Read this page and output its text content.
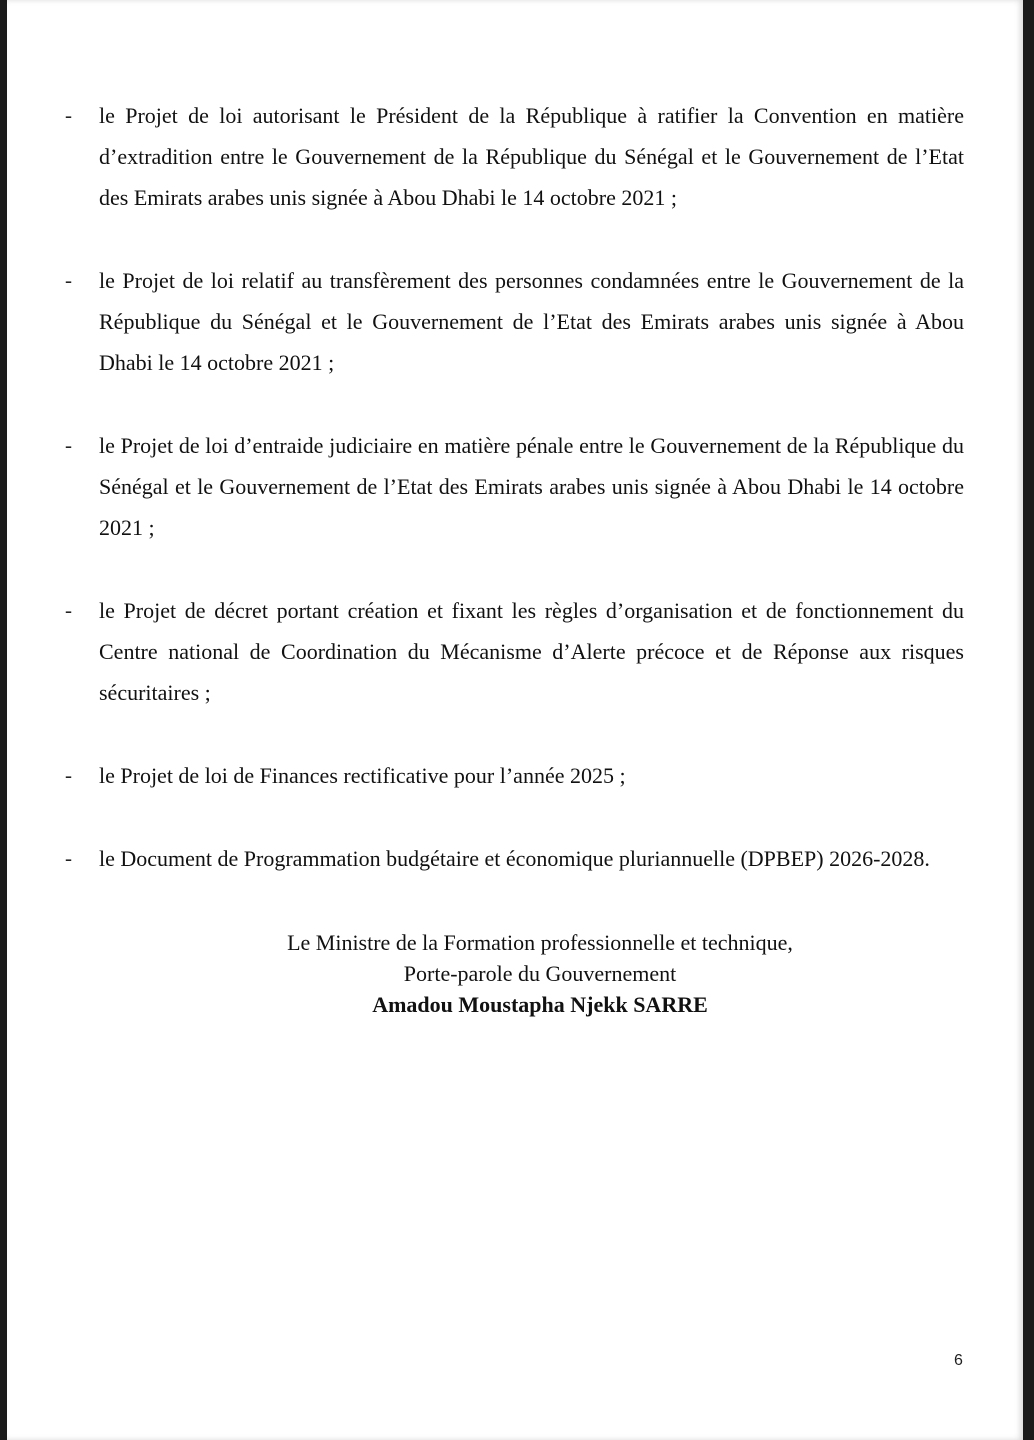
- le Projet de loi autorisant le Président de la République à ratifier la Convention en matière d’extradition entre le Gouvernement de la République du Sénégal et le Gouvernement de l’Etat des Emirats arabes unis signée à Abou Dhabi le 14 octobre 2021 ;
- le Projet de loi relatif au transfèrement des personnes condamnées entre le Gouvernement de la République du Sénégal et le Gouvernement de l’Etat des Emirats arabes unis signée à Abou Dhabi le 14 octobre 2021 ;
- le Projet de loi d’entraide judiciaire en matière pénale entre le Gouvernement de la République du Sénégal et le Gouvernement de l’Etat des Emirats arabes unis signée à Abou Dhabi le 14 octobre 2021 ;
- le Projet de décret portant création et fixant les règles d’organisation et de fonctionnement du Centre national de Coordination du Mécanisme d’Alerte précoce et de Réponse aux risques sécuritaires ;
- le Projet de loi de Finances rectificative pour l’année 2025 ;
- le Document de Programmation budgétaire et économique pluriannuelle (DPBEP) 2026-2028.
Le Ministre de la Formation professionnelle et technique,
Porte-parole du Gouvernement
Amadou Moustapha Njekk SARRE
6
